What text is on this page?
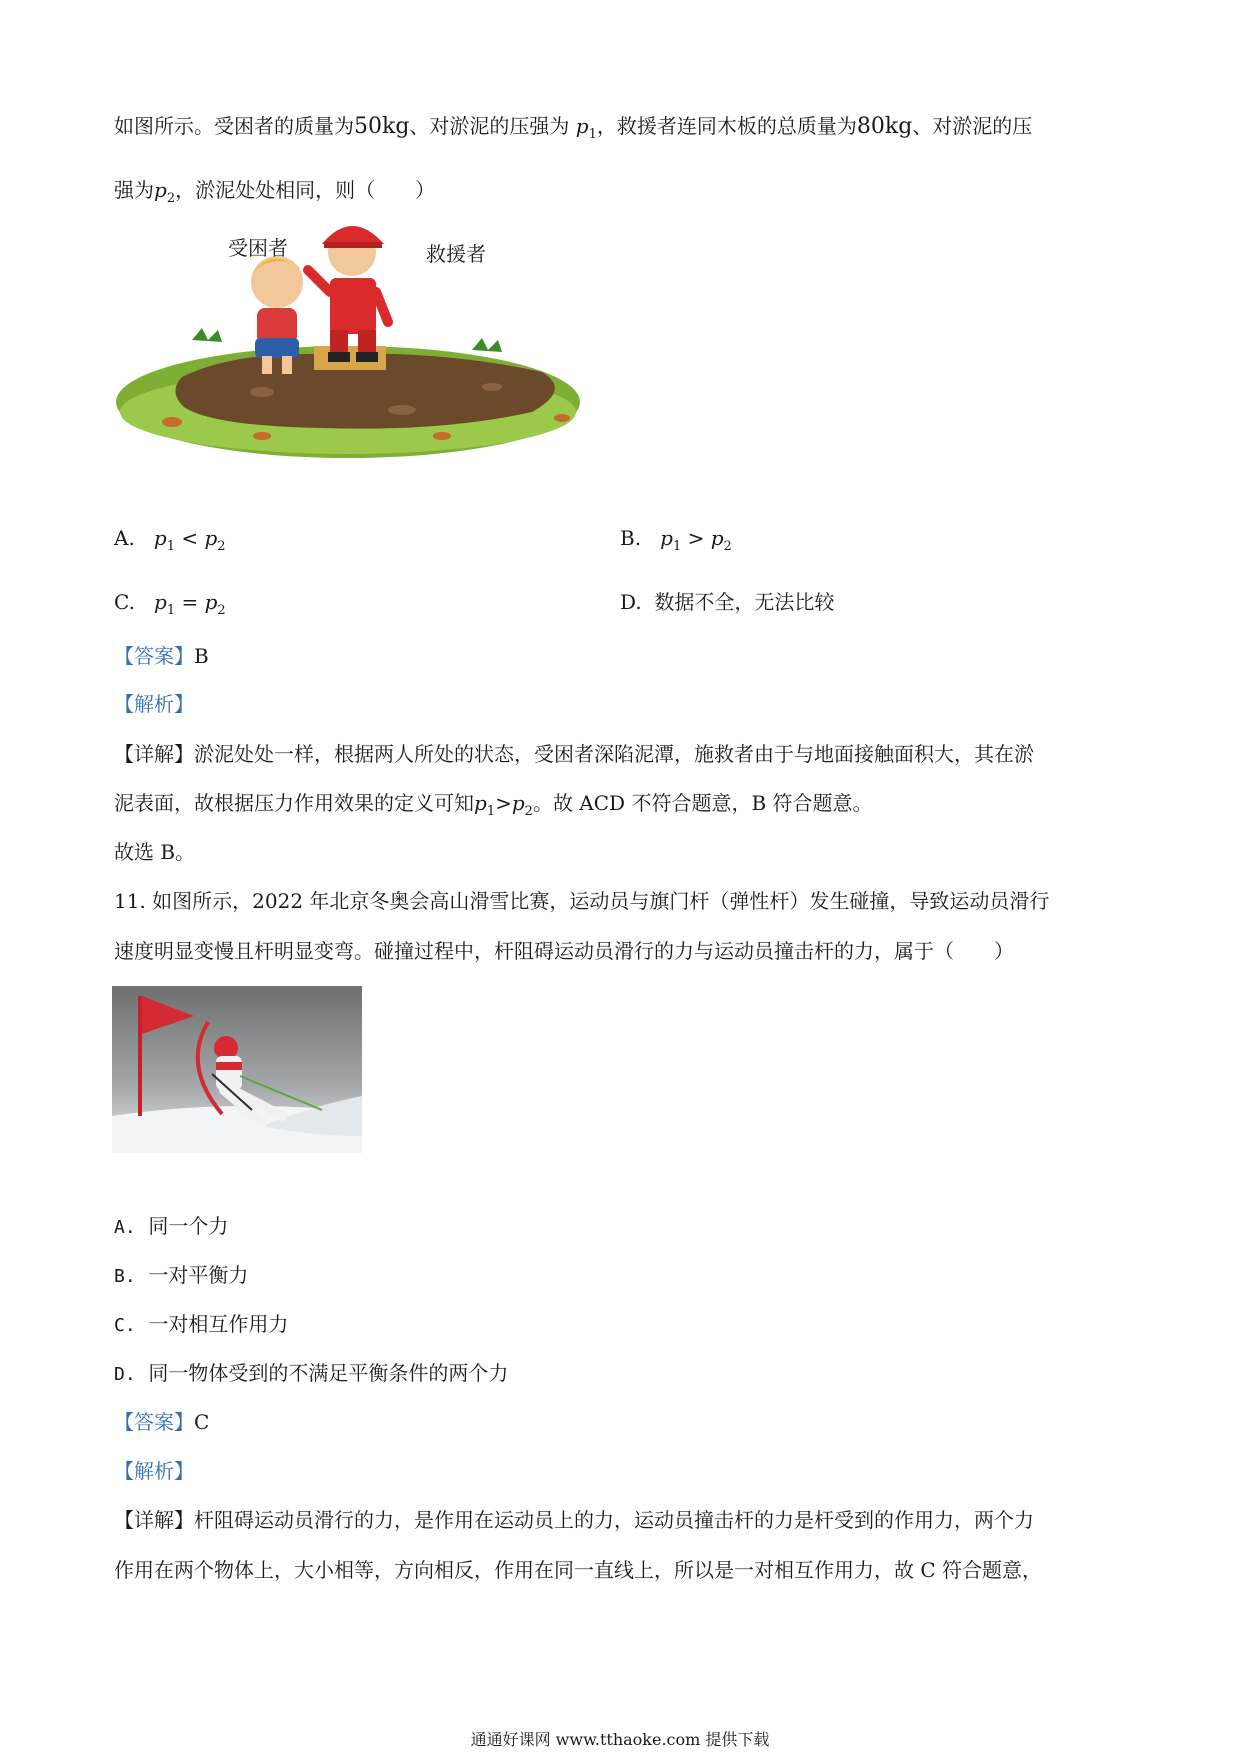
如图所示。受困者的质量为50kg、对淤泥的压强为 $p_1$，救援者连同木板的总质量为80kg、对淤泥的压
强为$p_2$，淤泥处处相同，则（　　）
受困者	救援者
A. $p_1 < p_2$	B. $p_1 > p_2$
C. $p_1 = p_2$	D. 数据不全，无法比较
【答案】B
【解析】
【详解】淤泥处处一样，根据两人所处的状态，受困者深陷泥潭，施救者由于与地面接触面积大，其在淤
泥表面，故根据压力作用效果的定义可知$p_1>p_2$。故 ACD 不符合题意，B 符合题意。
故选 B。
11. 如图所示，2022 年北京冬奥会高山滑雪比赛，运动员与旗门杆（弹性杆）发生碰撞，导致运动员滑行
速度明显变慢且杆明显变弯。碰撞过程中，杆阻碍运动员滑行的力与运动员撞击杆的力，属于（　　）
A. 同一个力
B. 一对平衡力
C. 一对相互作用力
D. 同一物体受到的不满足平衡条件的两个力
【答案】C
【解析】
【详解】杆阻碍运动员滑行的力，是作用在运动员上的力，运动员撞击杆的力是杆受到的作用力，两个力
作用在两个物体上，大小相等，方向相反，作用在同一直线上，所以是一对相互作用力，故 C 符合题意，
通通好课网 www.tthaoke.com 提供下载
